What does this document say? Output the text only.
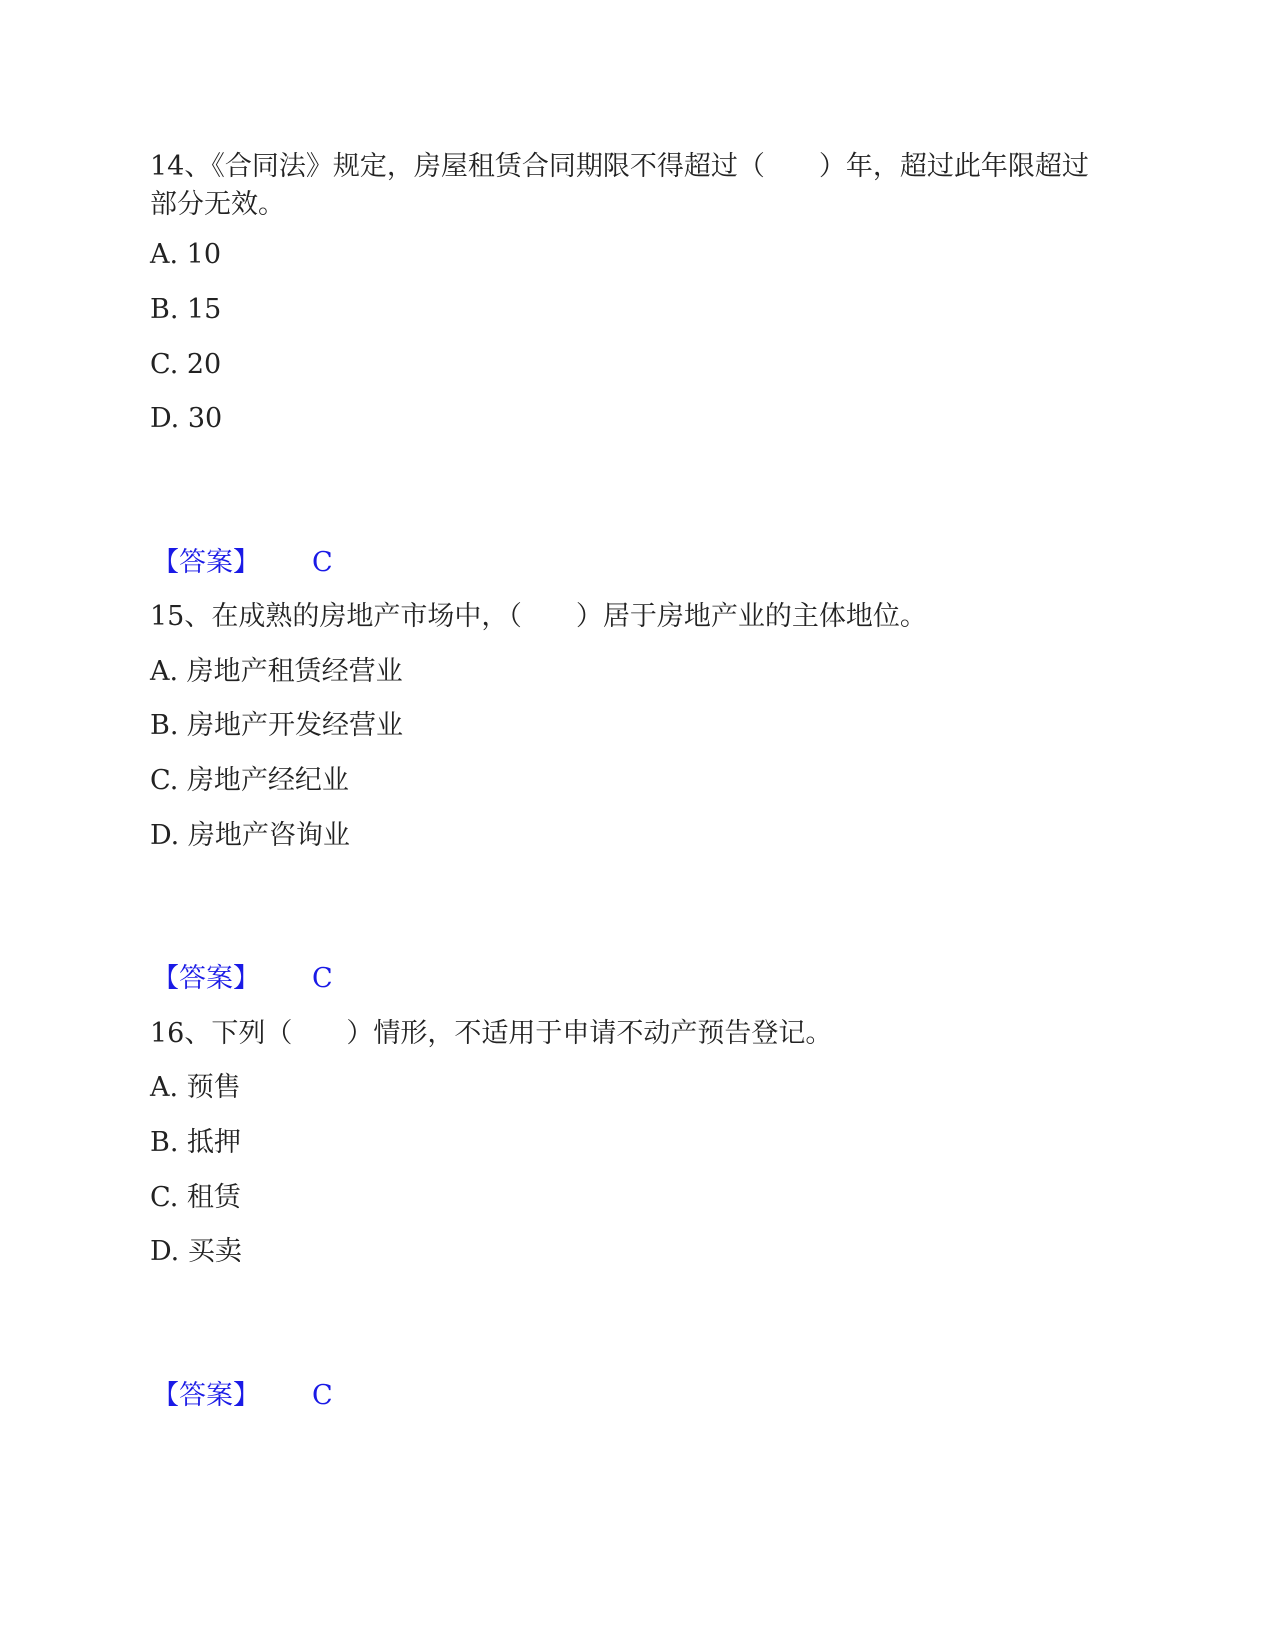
14、《合同法》规定，房屋租赁合同期限不得超过（　　）年，超过此年限超过部分无效。
A. 10
B. 15
C. 20
D. 30
【答案】 C
15、在成熟的房地产市场中，（　　）居于房地产业的主体地位。
A. 房地产租赁经营业
B. 房地产开发经营业
C. 房地产经纪业
D. 房地产咨询业
【答案】 C
16、下列（　　）情形，不适用于申请不动产预告登记。
A. 预售
B. 抵押
C. 租赁
D. 买卖
【答案】 C
